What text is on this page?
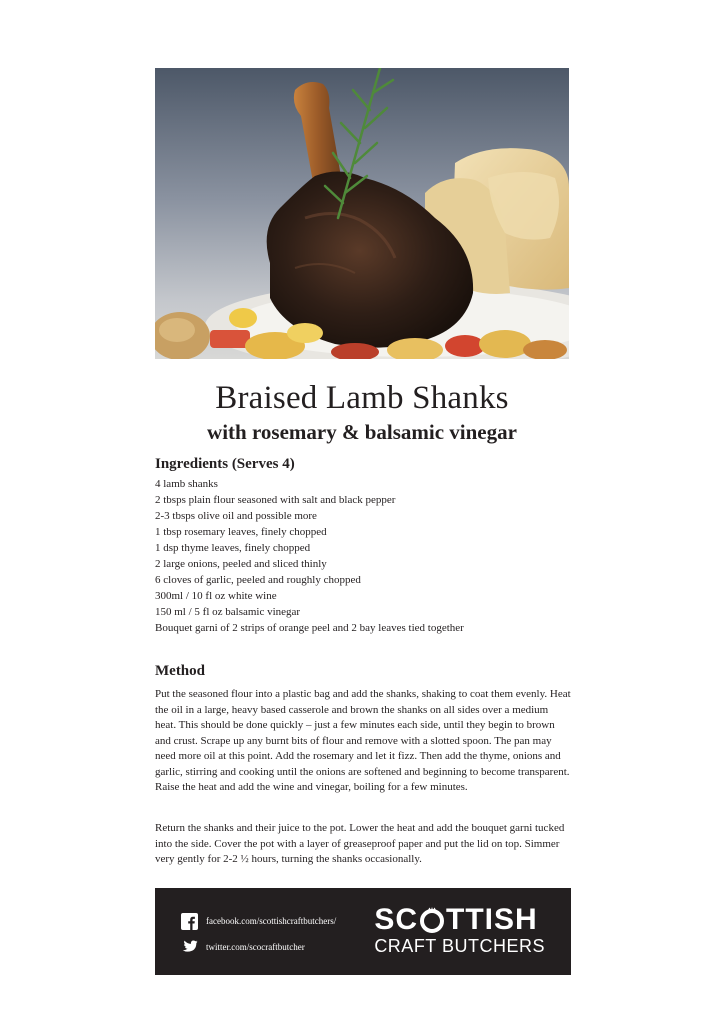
Braised Lamb Shanks
with rosemary & balsamic vinegar
Ingredients (Serves 4)
4 lamb shanks
2 tbsps plain flour seasoned with salt and black pepper
2-3 tbsps olive oil and possible more
1 tbsp rosemary leaves, finely chopped
1 dsp thyme leaves, finely chopped
2 large onions, peeled and sliced thinly
6 cloves of garlic, peeled and roughly chopped
300ml / 10 fl oz white wine
150 ml / 5 fl oz balsamic vinegar
Bouquet garni of 2 strips of orange peel and 2 bay leaves tied together
Method

Put the seasoned flour into a plastic bag and add the shanks, shaking to coat them evenly. Heat the oil in a large, heavy based casserole and brown the shanks on all sides over a medium heat. This should be done quickly – just a few minutes each side, until they begin to brown and crust. Scrape up any burnt bits of flour and remove with a slotted spoon. The pan may need more oil at this point. Add the rosemary and let it fizz. Then add the thyme, onions and garlic, stirring and cooking until the onions are softened and beginning to become transparent. Raise the heat and add the wine and vinegar, boiling for a few minutes.

Return the shanks and their juice to the pot. Lower the heat and add the bouquet garni tucked into the side. Cover the pot with a layer of greaseproof paper and put the lid on top. Simmer very gently for 2-2 ½ hours, turning the shanks occasionally.

facebook.com/scottishcraftbutchers/
twitter.com/scocraftbutcher
SC TTISH
CRAFT BUTCHERS
